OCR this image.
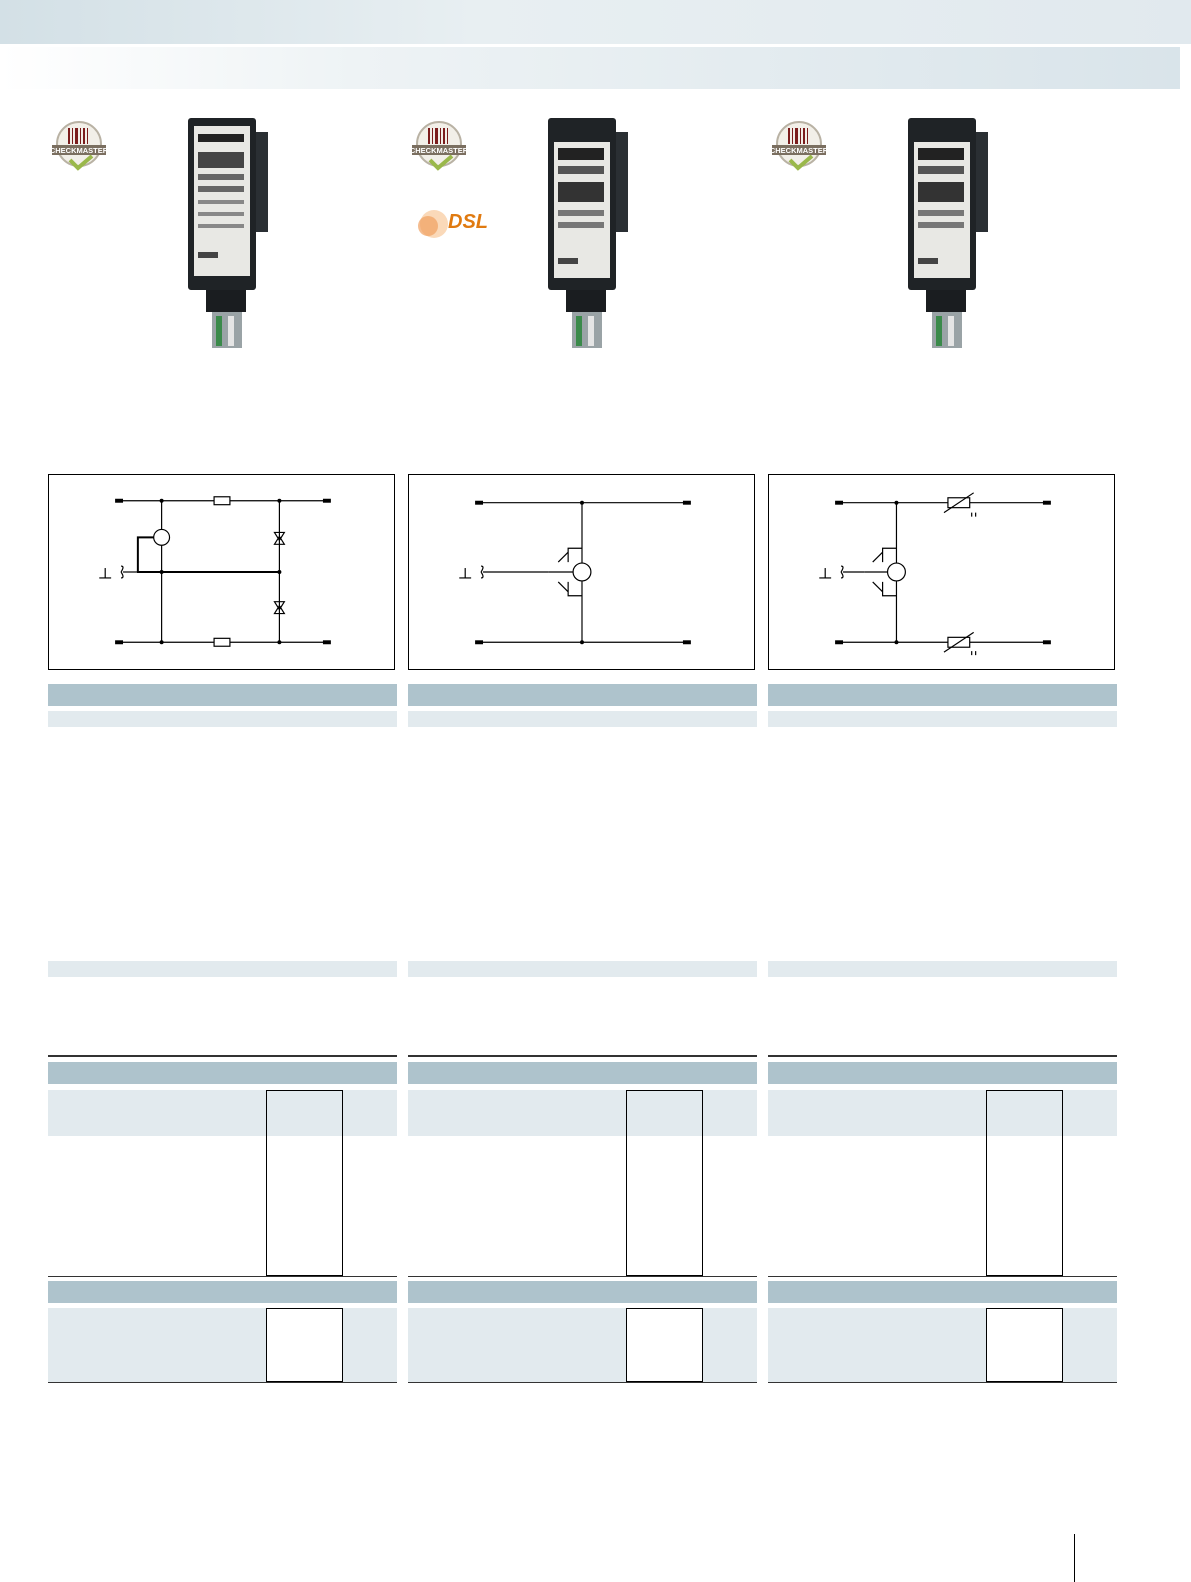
CHECKMASTER	CHECKMASTER
DSL
CHECKMASTER
